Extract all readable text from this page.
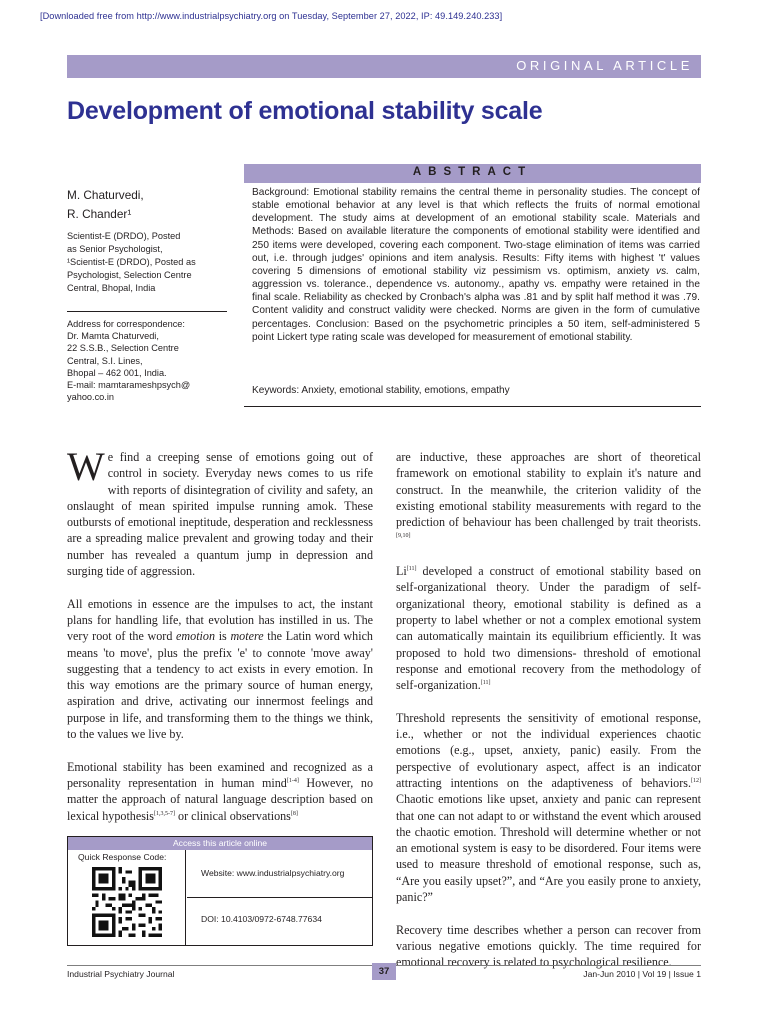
[Downloaded free from http://www.industrialpsychiatry.org on Tuesday, September 27, 2022, IP: 49.149.240.233]
ORIGINAL ARTICLE
Development of emotional stability scale
ABSTRACT
M. Chaturvedi,
R. Chander¹
Scientist-E (DRDO), Posted
as Senior Psychologist,
¹Scientist-E (DRDO), Posted as
Psychologist, Selection Centre
Central, Bhopal, India
Address for correspondence:
Dr. Mamta Chaturvedi,
22 S.S.B., Selection Centre
Central, S.I. Lines,
Bhopal – 462 001, India.
E-mail: mamtarameshpsych@
yahoo.co.in
Background: Emotional stability remains the central theme in personality studies. The concept of stable emotional behavior at any level is that which reflects the fruits of normal emotional development. The study aims at development of an emotional stability scale. Materials and Methods: Based on available literature the components of emotional stability were identified and 250 items were developed, covering each component. Two-stage elimination of items was carried out, i.e. through judges' opinions and item analysis. Results: Fifty items with highest 't' values covering 5 dimensions of emotional stability viz pessimism vs. optimism, anxiety vs. calm, aggression vs. tolerance., dependence vs. autonomy., apathy vs. empathy were retained in the final scale. Reliability as checked by Cronbach's alpha was .81 and by split half method it was .79. Content validity and construct validity were checked. Norms are given in the form of cumulative percentages. Conclusion: Based on the psychometric principles a 50 item, self-administered 5 point Lickert type rating scale was developed for measurement of emotional stability.
Keywords: Anxiety, emotional stability, emotions, empathy

We find a creeping sense of emotions going out of control in society. Everyday news comes to us rife with reports of disintegration of civility and safety, an onslaught of mean spirited impulse running amok. These outbursts of emotional ineptitude, desperation and recklessness are a spreading malice prevalent and growing today and their number has revealed a quantum jump in depression and surging tide of aggression.

All emotions in essence are the impulses to act, the instant plans for handling life, that evolution has instilled in us. The very root of the word emotion is motere the Latin word which means 'to move', plus the prefix 'e' to connote 'move away' suggesting that a tendency to act exists in every emotion. In this way emotions are the primary source of human energy, aspiration and drive, activating our innermost feelings and purpose in life, and transforming them to the things we think, to the values we live by.

Emotional stability has been examined and recognized as a personality representation in human mind[1-4] However, no matter the approach of natural language description based on lexical hypothesis[1,3,5-7] or clinical observations[8]

are inductive, these approaches are short of theoretical framework on emotional stability to explain it's nature and construct. In the meanwhile, the criterion validity of the existing emotional stability measurements with regard to the prediction of behaviour has been challenged by trait theorists.[9,10]

Li[11] developed a construct of emotional stability based on self-organizational theory. Under the paradigm of self-organizational theory, emotional stability is defined as a property to label whether or not a complex emotional system can automatically maintain its equilibrium efficiently. It was proposed to hold two dimensions- threshold of emotional response and emotional recovery from the methodology of self-organization.[11]

Threshold represents the sensitivity of emotional response, i.e., whether or not the individual experiences chaotic emotions (e.g., upset, anxiety, panic) easily. From the perspective of evolutionary aspect, affect is an indicator attracting intentions on the adaptiveness of behaviors.[12] Chaotic emotions like upset, anxiety and panic can represent that one can not adapt to or withstand the event which aroused the chaotic emotion. Threshold will determine whether or not an emotional system is easy to be disordered. Four items were used to measure threshold of emotional response, such as, “Are you easily upset?”, and “Are you easily prone to anxiety, panic?”

Recovery time describes whether a person can recover from various negative emotions quickly. The time required for emotional recovery is related to psychological resilience.

Access this article online
Quick Response Code:
Website: www.industrialpsychiatry.org
DOI: 10.4103/0972-6748.77634
Industrial Psychiatry Journal	37	Jan-Jun 2010 | Vol 19 | Issue 1
